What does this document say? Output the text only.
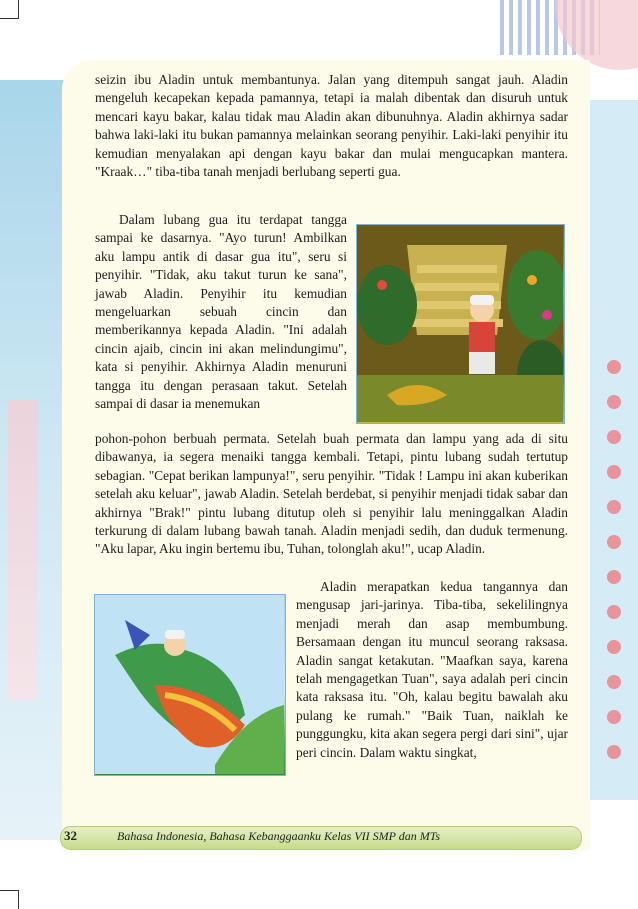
seizin ibu Aladin untuk membantunya. Jalan yang ditempuh sangat jauh. Aladin mengeluh kecapekan kepada pamannya, tetapi ia malah dibentak dan disuruh untuk mencari kayu bakar, kalau tidak mau Aladin akan dibunuhnya. Aladin akhirnya sadar bahwa laki-laki itu bukan pamannya melainkan seorang penyihir. Laki-laki penyihir itu kemudian menyalakan api dengan kayu bakar dan mulai mengucapkan mantera. "Kraak…" tiba-tiba tanah menjadi berlubang seperti gua.
Dalam lubang gua itu terdapat tangga sampai ke dasarnya. "Ayo turun! Ambilkan aku lampu antik di dasar gua itu", seru si penyihir. "Tidak, aku takut turun ke sana", jawab Aladin. Penyihir itu kemudian mengeluarkan sebuah cincin dan memberikannya kepada Aladin. "Ini adalah cincin ajaib, cincin ini akan melindungimu", kata si penyihir. Akhirnya Aladin menuruni tangga itu dengan perasaan takut. Setelah sampai di dasar ia menemukan
pohon-pohon berbuah permata. Setelah buah permata dan lampu yang ada di situ dibawanya, ia segera menaiki tangga kembali. Tetapi, pintu lubang sudah tertutup sebagian. "Cepat berikan lampunya!", seru penyihir. "Tidak ! Lampu ini akan kuberikan setelah aku keluar", jawab Aladin. Setelah berdebat, si penyihir menjadi tidak sabar dan akhirnya "Brak!" pintu lubang ditutup oleh si penyihir lalu meninggalkan Aladin terkurung di dalam lubang bawah tanah. Aladin menjadi sedih, dan duduk termenung. "Aku lapar, Aku ingin bertemu ibu, Tuhan, tolonglah aku!", ucap Aladin.
Aladin merapatkan kedua tangannya dan mengusap jari-jarinya. Tiba-tiba, sekelilingnya menjadi merah dan asap membumbung. Bersamaan dengan itu muncul seorang raksasa. Aladin sangat ketakutan. "Maafkan saya, karena telah mengagetkan Tuan", saya adalah peri cincin kata raksasa itu. "Oh, kalau begitu bawalah aku pulang ke rumah." "Baik Tuan, naiklah ke punggungku, kita akan segera pergi dari sini", ujar peri cincin. Dalam waktu singkat,
32	Bahasa Indonesia, Bahasa Kebanggaanku Kelas VII SMP dan MTs
